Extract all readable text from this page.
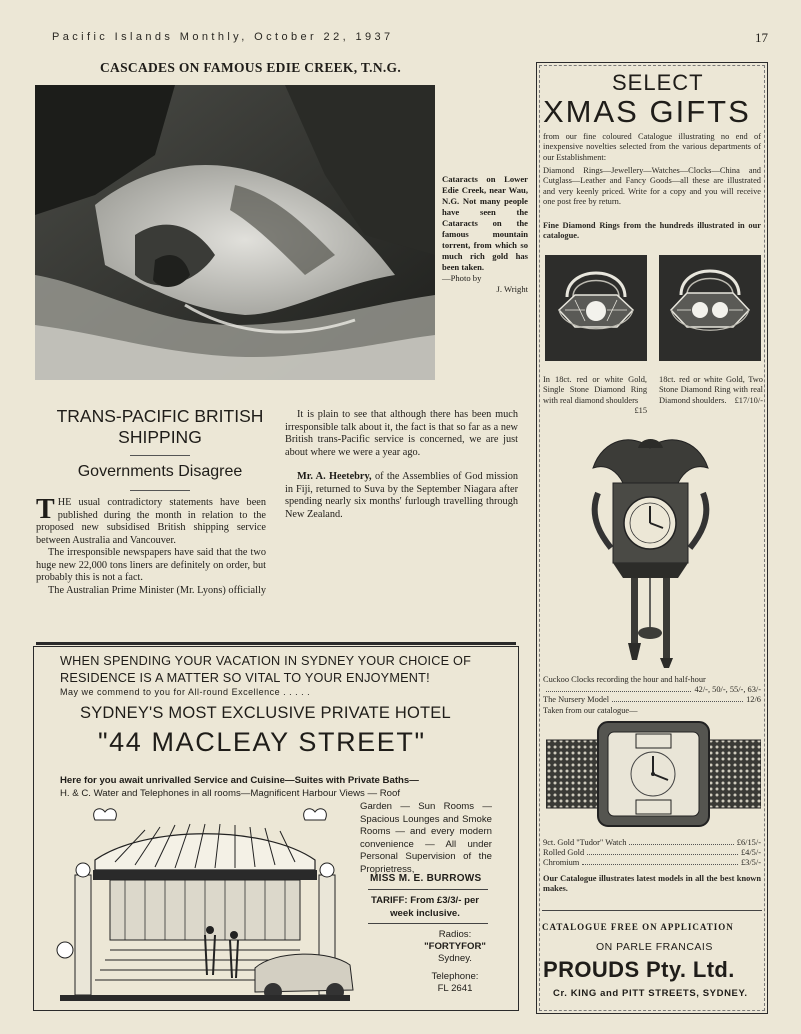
Pacific Islands Monthly, October 22, 1937	17
CASCADES ON FAMOUS EDIE CREEK, T.N.G.
Cataracts on Lower Edie Creek, near Wau, N.G. Not many people have seen the Cataracts on the famous mountain torrent, from which so much rich gold has been taken.
—Photo by
J. Wright
TRANS-PACIFIC BRITISH SHIPPING
Governments Disagree

THE usual contradictory statements have been published during the month in relation to the proposed new subsidised British shipping service between Australia and Vancouver.

The irresponsible newspapers have said that the two huge new 22,000 tons liners are definitely on order, but probably this is not a fact.

The Australian Prime Minister (Mr. Lyons) officially

It is plain to see that although there has been much irresponsible talk about it, the fact is that so far as a new British trans-Pacific service is concerned, we are just about where we were a year ago.

Mr. A. Heetebry, of the Assemblies of God mission in Fiji, returned to Suva by the September Niagara after spending nearly six months' furlough travelling through New Zealand.

WHEN SPENDING YOUR VACATION IN SYDNEY YOUR CHOICE OF RESIDENCE IS A MATTER SO VITAL TO YOUR ENJOYMENT!
May we commend to you for All-round Excellence . . . . .
SYDNEY'S MOST EXCLUSIVE PRIVATE HOTEL
"44 MACLEAY STREET"
Here for you await unrivalled Service and Cuisine—Suites with Private Baths—
H. & C. Water and Telephones in all rooms—Magnificent Harbour Views — Roof
Garden — Sun Rooms — Spacious Lounges and Smoke Rooms — and every modern convenience — All under Personal Supervision of the Proprietress,
MISS M. E. BURROWS
TARIFF: From £3/3/- per week inclusive.
Radios:
"FORTYFOR"
Sydney.
Telephone:
FL 2641
SELECT
XMAS GIFTS
from our fine coloured Catalogue illustrating no end of inexpensive novelties selected from the various departments of our Establishment:
Diamond Rings—Jewellery—Watches—Clocks—China and Cutglass—Leather and Fancy Goods—all these are illustrated and very keenly priced. Write for a copy and you will receive one post free by return.
Fine Diamond Rings from the hundreds illustrated in our catalogue.
In 18ct. red or white Gold, Single Stone Diamond Ring with real diamond shoulders
£15
18ct. red or white Gold, Two Stone Diamond Ring with real Diamond shoulders. £17/10/-
Cuckoo Clocks recording the hour and half-hour
42/-, 50/-, 55/-, 63/-
The Nursery Model	12/6
Taken from our catalogue—
9ct. Gold "Tudor" Watch	£6/15/-
Rolled Gold	£4/5/-
Chromium	£3/5/-
Our Catalogue illustrates latest models in all the best known makes.
CATALOGUE FREE ON APPLICATION
ON PARLE FRANCAIS
PROUDS Pty. Ltd.
Cr. KING and PITT STREETS, SYDNEY.
